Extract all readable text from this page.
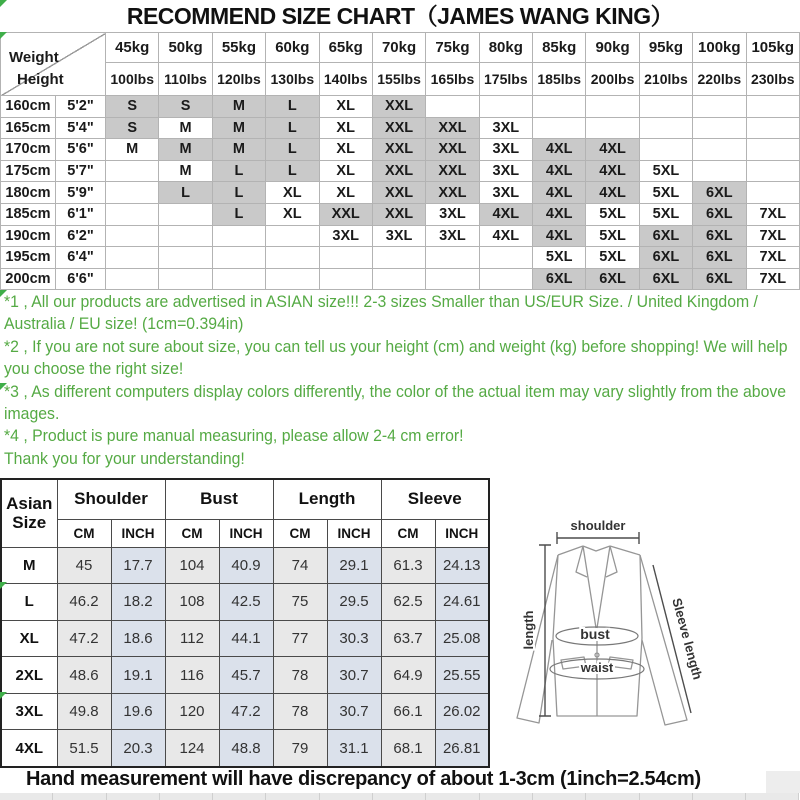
RECOMMEND SIZE CHART（JAMES WANG KING）
Weight
Height		45kg	50kg	55kg	60kg	65kg	70kg	75kg	80kg	85kg	90kg	95kg	100kg	105kg
		100lbs	110lbs	120lbs	130lbs	140lbs	155lbs	165lbs	175lbs	185lbs	200lbs	210lbs	220lbs	230lbs
160cm	5'2"	S	S	M	L	XL	XXL							
165cm	5'4"	S	M	M	L	XL	XXL	XXL	3XL					
170cm	5'6"	M	M	M	L	XL	XXL	XXL	3XL	4XL	4XL			
175cm	5'7"		M	L	L	XL	XXL	XXL	3XL	4XL	4XL	5XL		
180cm	5'9"		L	L	XL	XL	XXL	XXL	3XL	4XL	4XL	5XL	6XL	
185cm	6'1"			L	XL	XXL	XXL	3XL	4XL	4XL	5XL	5XL	6XL	7XL
190cm	6'2"					3XL	3XL	3XL	4XL	4XL	5XL	6XL	6XL	7XL
195cm	6'4"									5XL	5XL	6XL	6XL	7XL
200cm	6'6"									6XL	6XL	6XL	6XL	7XL

*1 , All our products are advertised in ASIAN size!!! 2-3 sizes Smaller than US/EUR Size. / United Kingdom / Australia / EU size! (1cm=0.394in)

*2 , If you are not sure about size, you can tell us your height (cm) and weight (kg) before shopping! We will help you choose the right size!

*3 , As different computers display colors differently, the color of the actual item may vary slightly from the above images.

*4 , Product is pure manual measuring, please allow 2-4 cm error!

Thank you for your understanding!

Asian Size	Shoulder		Bust		Length		Sleeve	
	CM	INCH	CM	INCH	CM	INCH	CM	INCH
M	45	17.7	104	40.9	74	29.1	61.3	24.13
L	46.2	18.2	108	42.5	75	29.5	62.5	24.61
XL	47.2	18.6	112	44.1	77	30.3	63.7	25.08
2XL	48.6	19.1	116	45.7	78	30.7	64.9	25.55
3XL	49.8	19.6	120	47.2	78	30.7	66.1	26.02
4XL	51.5	20.3	124	48.8	79	31.1	68.1	26.81
shoulder
length	bust
waist	Sleeve length
Hand measurement will have discrepancy of about 1-3cm (1inch=2.54cm)
